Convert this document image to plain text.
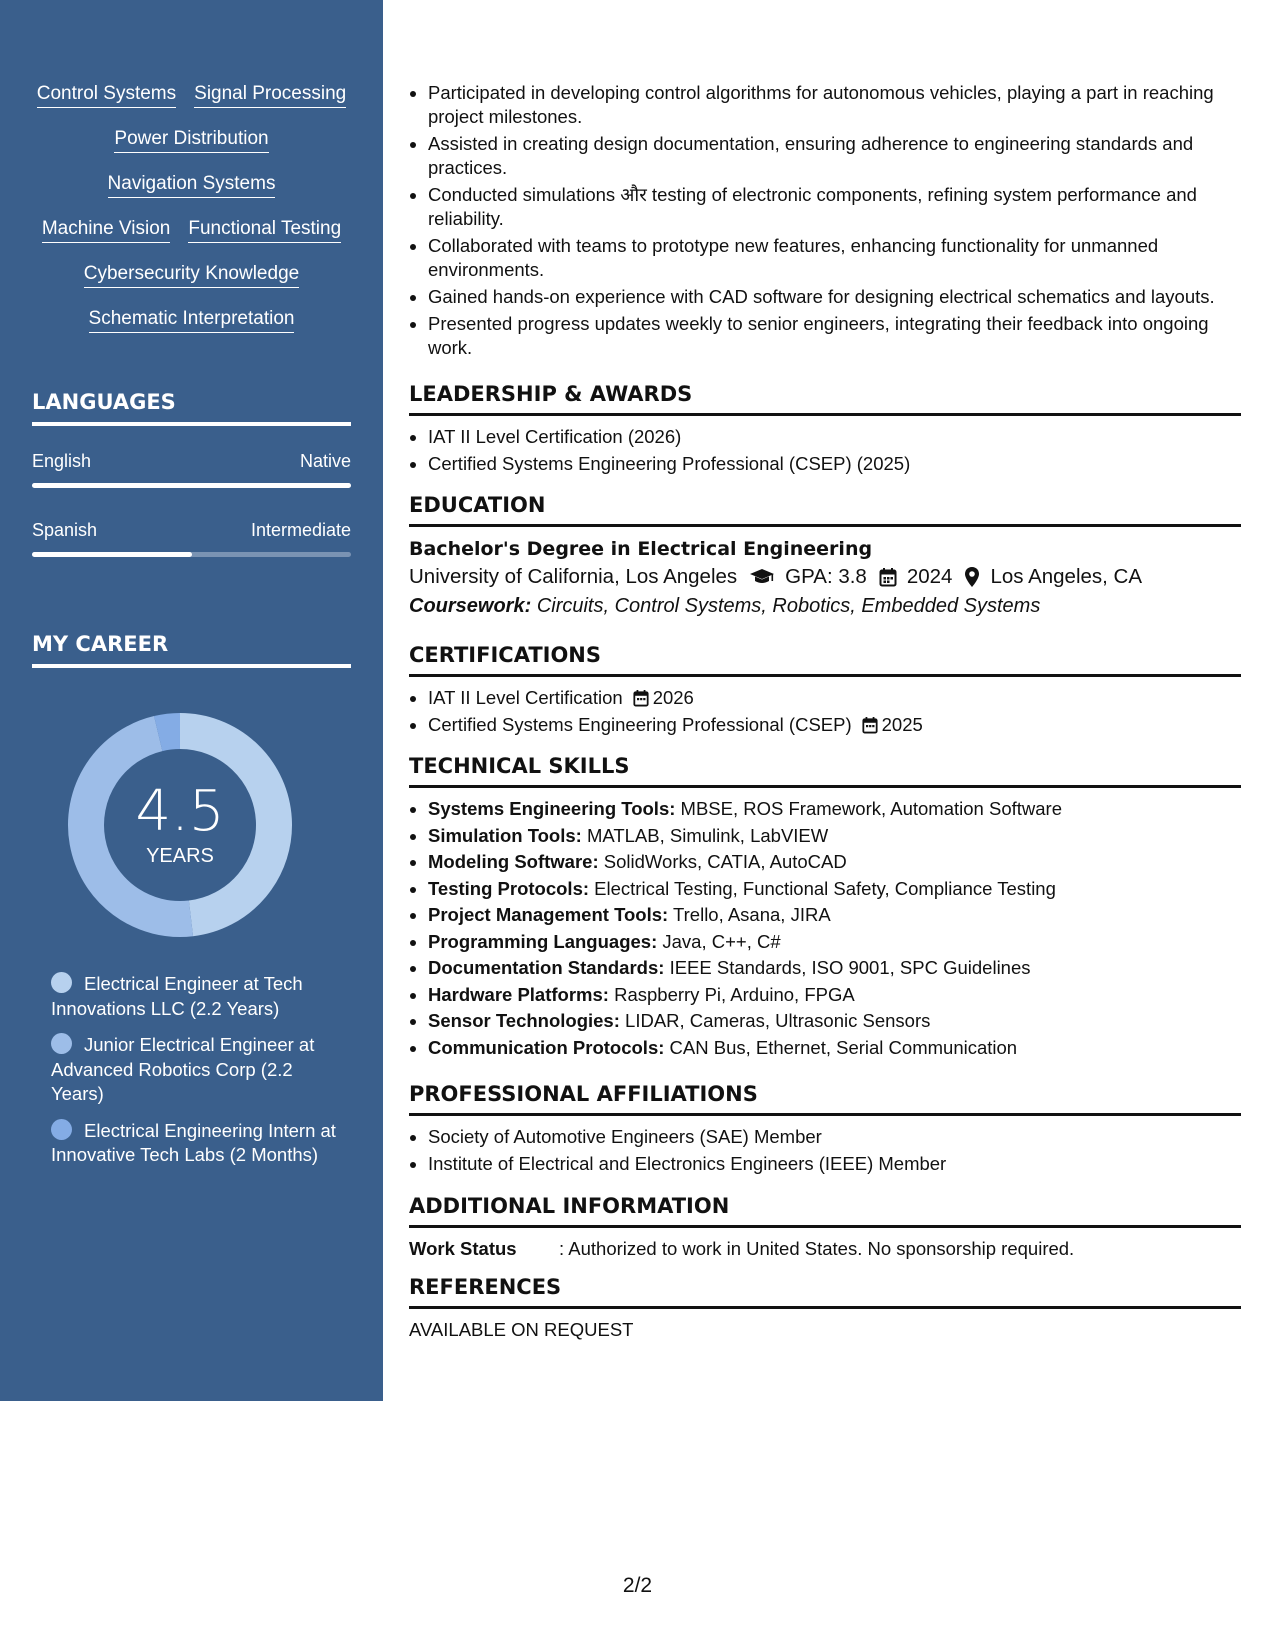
Control Systems Signal Processing
Power Distribution
Navigation Systems
Machine Vision Functional Testing
Cybersecurity Knowledge
Schematic Interpretation
LANGUAGES
English	Native
Spanish	Intermediate
MY CAREER
4.5
YEARS
Electrical Engineer at Tech Innovations LLC (2.2 Years)
Junior Electrical Engineer at Advanced Robotics Corp (2.2 Years)
Electrical Engineering Intern at Innovative Tech Labs (2 Months)
Participated in developing control algorithms for autonomous vehicles, playing a part in reaching project milestones.
Assisted in creating design documentation, ensuring adherence to engineering standards and practices.
Conducted simulations और testing of electronic components, refining system performance and reliability.
Collaborated with teams to prototype new features, enhancing functionality for unmanned environments.
Gained hands-on experience with CAD software for designing electrical schematics and layouts.
Presented progress updates weekly to senior engineers, integrating their feedback into ongoing work.
LEADERSHIP & AWARDS
IAT II Level Certification (2026)
Certified Systems Engineering Professional (CSEP) (2025)
EDUCATION
Bachelor's Degree in Electrical Engineering
University of California, Los Angeles GPA: 3.8 2024 Los Angeles, CA
Coursework: Circuits, Control Systems, Robotics, Embedded Systems
CERTIFICATIONS
IAT II Level Certification 2026
Certified Systems Engineering Professional (CSEP) 2025
TECHNICAL SKILLS
Systems Engineering Tools: MBSE, ROS Framework, Automation Software
Simulation Tools: MATLAB, Simulink, LabVIEW
Modeling Software: SolidWorks, CATIA, AutoCAD
Testing Protocols: Electrical Testing, Functional Safety, Compliance Testing
Project Management Tools: Trello, Asana, JIRA
Programming Languages: Java, C++, C#
Documentation Standards: IEEE Standards, ISO 9001, SPC Guidelines
Hardware Platforms: Raspberry Pi, Arduino, FPGA
Sensor Technologies: LIDAR, Cameras, Ultrasonic Sensors
Communication Protocols: CAN Bus, Ethernet, Serial Communication
PROFESSIONAL AFFILIATIONS
Society of Automotive Engineers (SAE) Member
Institute of Electrical and Electronics Engineers (IEEE) Member
ADDITIONAL INFORMATION
Work Status	: Authorized to work in United States. No sponsorship required.
REFERENCES
AVAILABLE ON REQUEST
2/2
